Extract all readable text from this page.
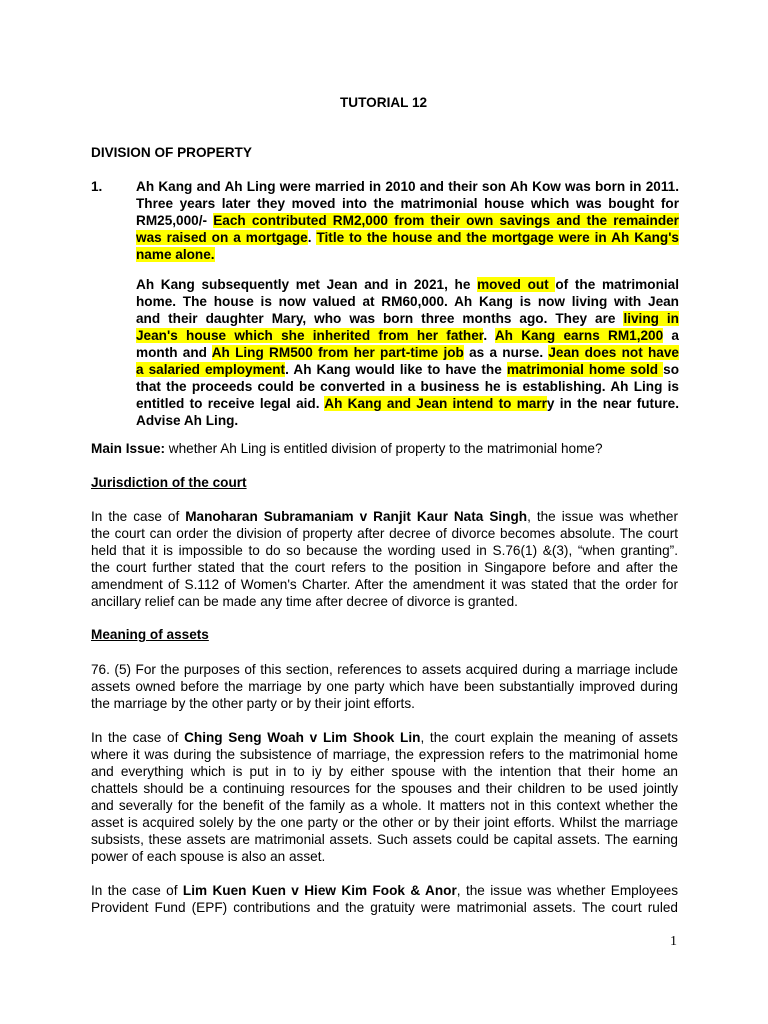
TUTORIAL 12
DIVISION OF PROPERTY
1. Ah Kang and Ah Ling were married in 2010 and their son Ah Kow was born in 2011.
Three years later they moved into the matrimonial house which was bought for
RM25,000/- Each contributed RM2,000 from their own savings and the remainder
was raised on a mortgage. Title to the house and the mortgage were in Ah Kang's
name alone.
Ah Kang subsequently met Jean and in 2021, he moved out of the matrimonial
home. The house is now valued at RM60,000. Ah Kang is now living with Jean
and their daughter Mary, who was born three months ago. They are living in
Jean's house which she inherited from her father. Ah Kang earns RM1,200 a
month and Ah Ling RM500 from her part-time job as a nurse. Jean does not have
a salaried employment. Ah Kang would like to have the matrimonial home sold so
that the proceeds could be converted in a business he is establishing. Ah Ling is
entitled to receive legal aid. Ah Kang and Jean intend to marry in the near future.
Advise Ah Ling.
Main Issue: whether Ah Ling is entitled division of property to the matrimonial home?
Jurisdiction of the court
In the case of Manoharan Subramaniam v Ranjit Kaur Nata Singh, the issue was whether
the court can order the division of property after decree of divorce becomes absolute. The court
held that it is impossible to do so because the wording used in S.76(1) &(3), “when granting”.
the court further stated that the court refers to the position in Singapore before and after the
amendment of S.112 of Women's Charter. After the amendment it was stated that the order for
ancillary relief can be made any time after decree of divorce is granted.
Meaning of assets
76. (5) For the purposes of this section, references to assets acquired during a marriage include
assets owned before the marriage by one party which have been substantially improved during
the marriage by the other party or by their joint efforts.
In the case of Ching Seng Woah v Lim Shook Lin, the court explain the meaning of assets
where it was during the subsistence of marriage, the expression refers to the matrimonial home
and everything which is put in to iy by either spouse with the intention that their home an
chattels should be a continuing resources for the spouses and their children to be used jointly
and severally for the benefit of the family as a whole. It matters not in this context whether the
asset is acquired solely by the one party or the other or by their joint efforts. Whilst the marriage
subsists, these assets are matrimonial assets. Such assets could be capital assets. The earning
power of each spouse is also an asset.
In the case of Lim Kuen Kuen v Hiew Kim Fook & Anor, the issue was whether Employees
Provident Fund (EPF) contributions and the gratuity were matrimonial assets. The court ruled
1
